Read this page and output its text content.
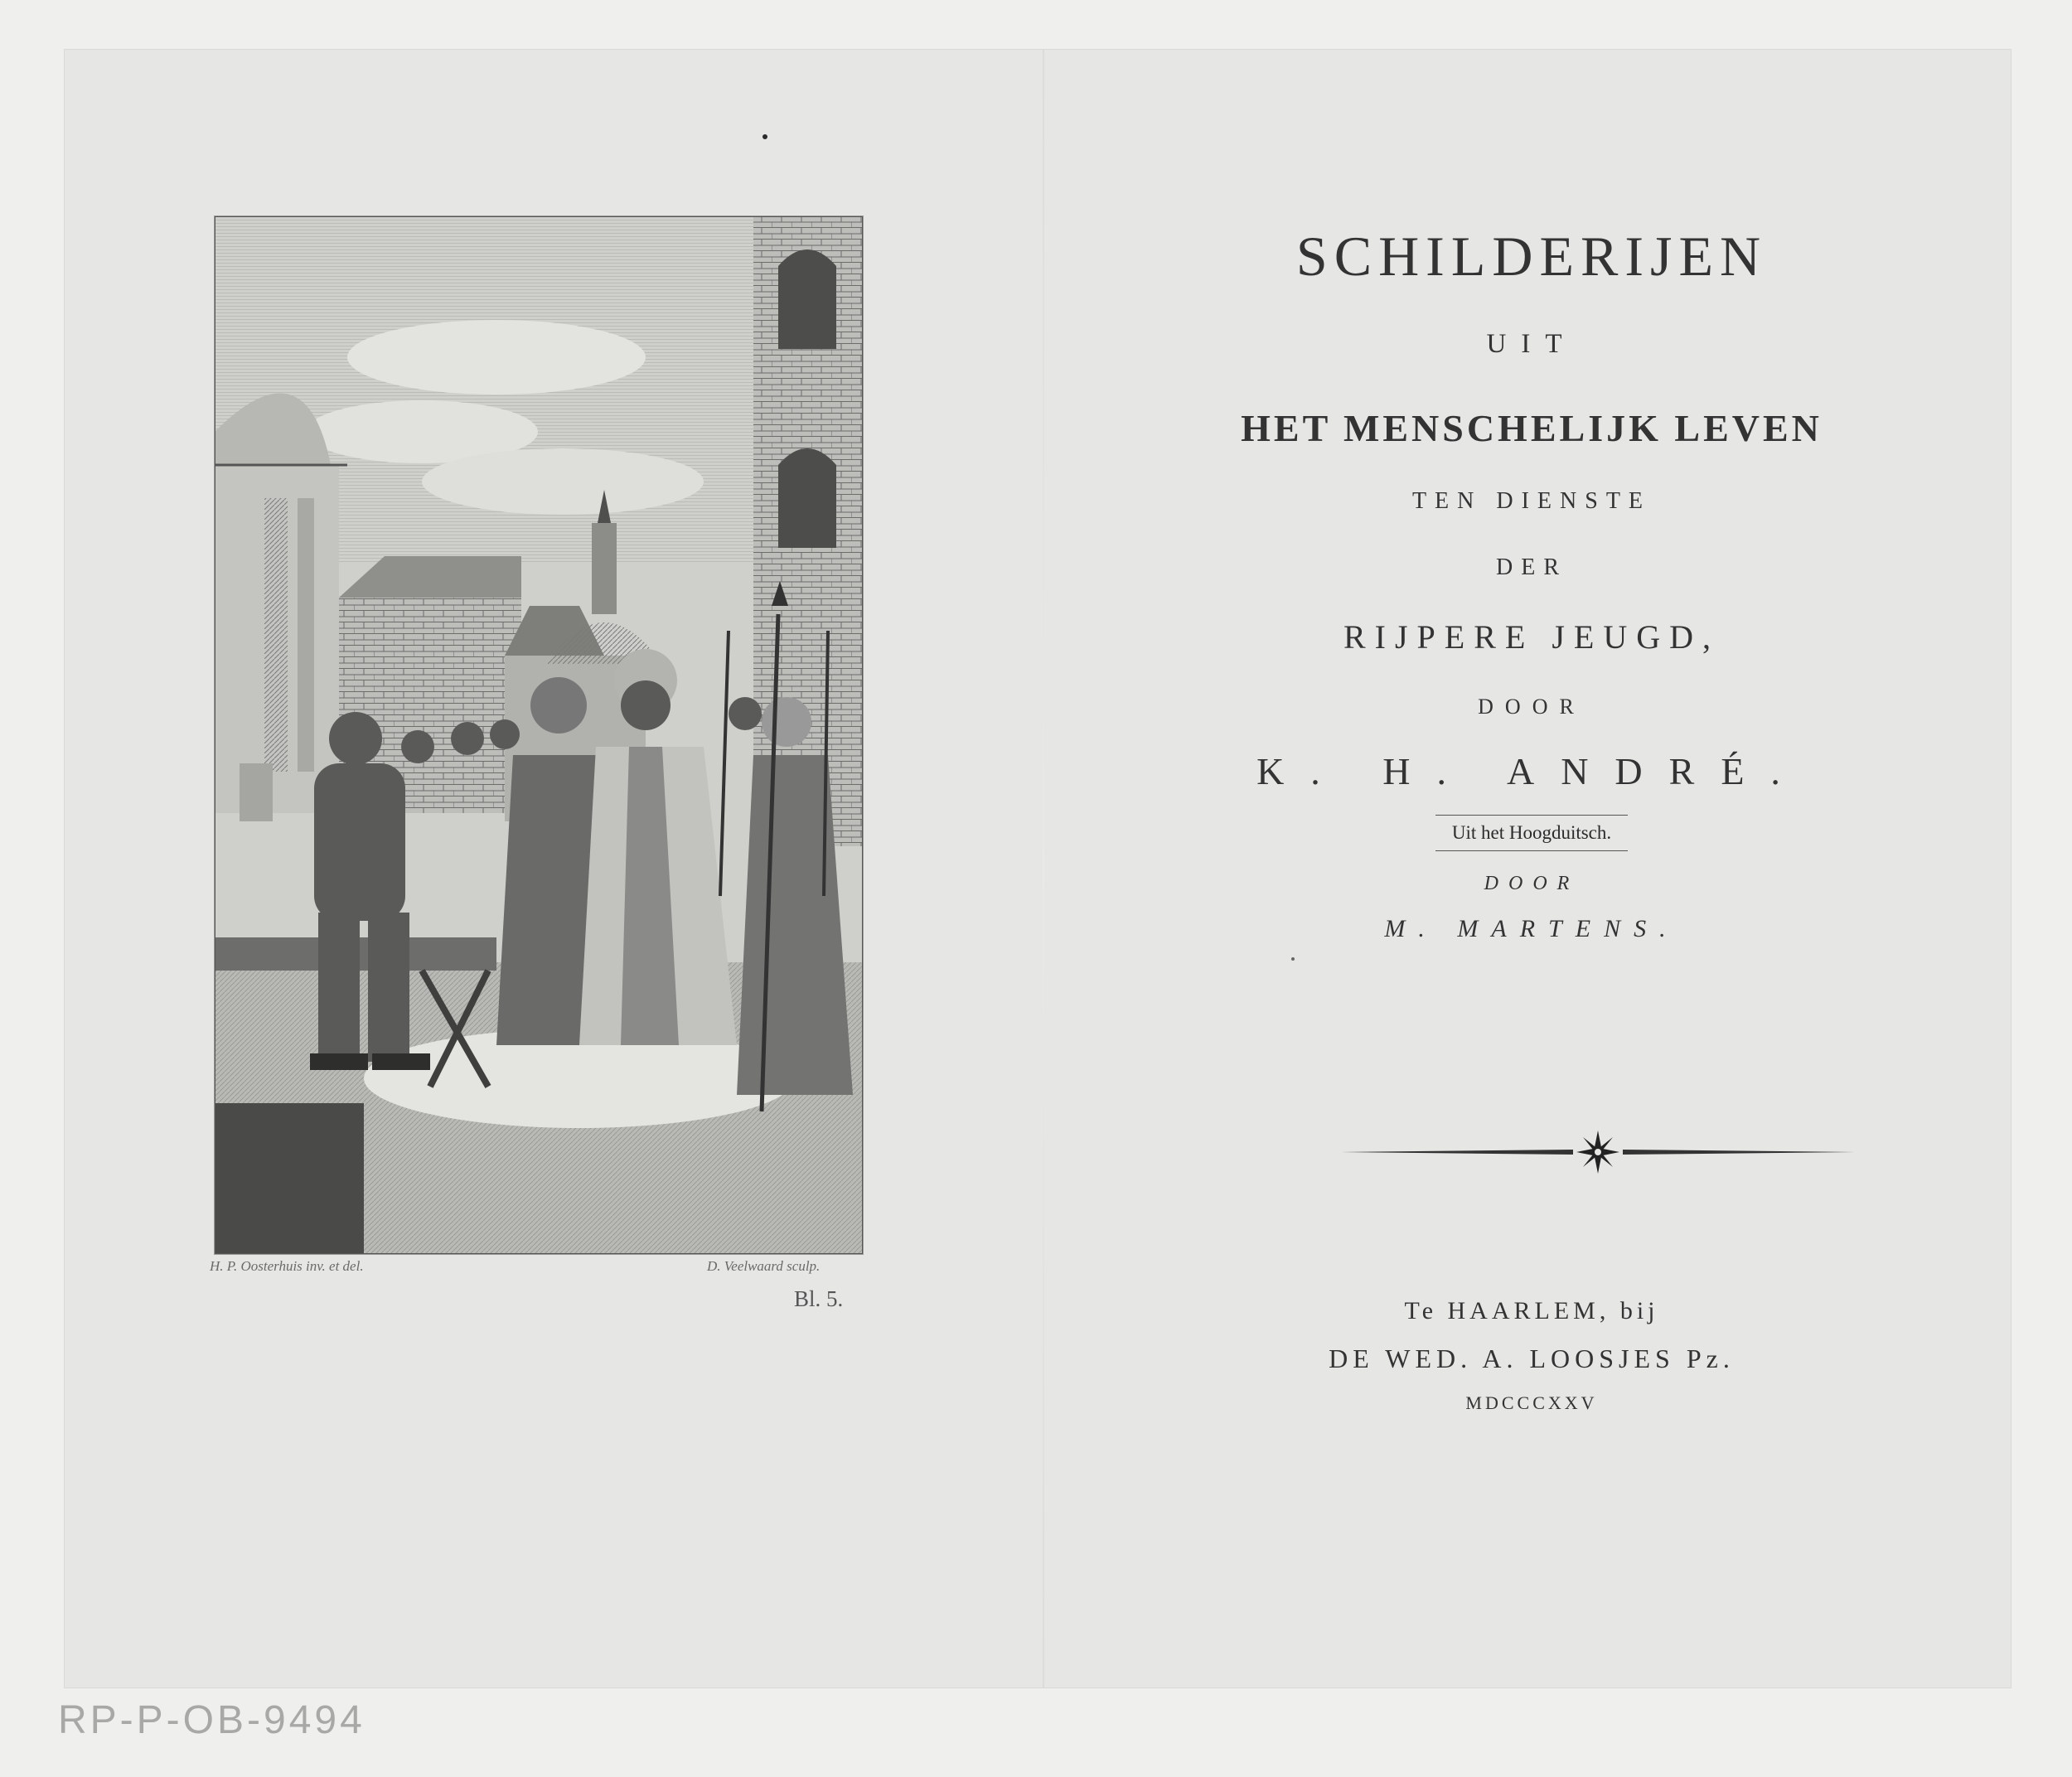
H. P. Oosterhuis inv. et del.	D. Veelwaard sculp.
Bl. 5.
SCHILDERIJEN
UIT
HET MENSCHELIJK LEVEN
TEN DIENSTE
DER
RIJPERE JEUGD,
DOOR
K. H. ANDRÉ.
Uit het Hoogduitsch.
DOOR
M. MARTENS.
Te HAARLEM, bij
DE WED. A. LOOSJES Pz.
MDCCCXXV
RP-P-OB-9494
